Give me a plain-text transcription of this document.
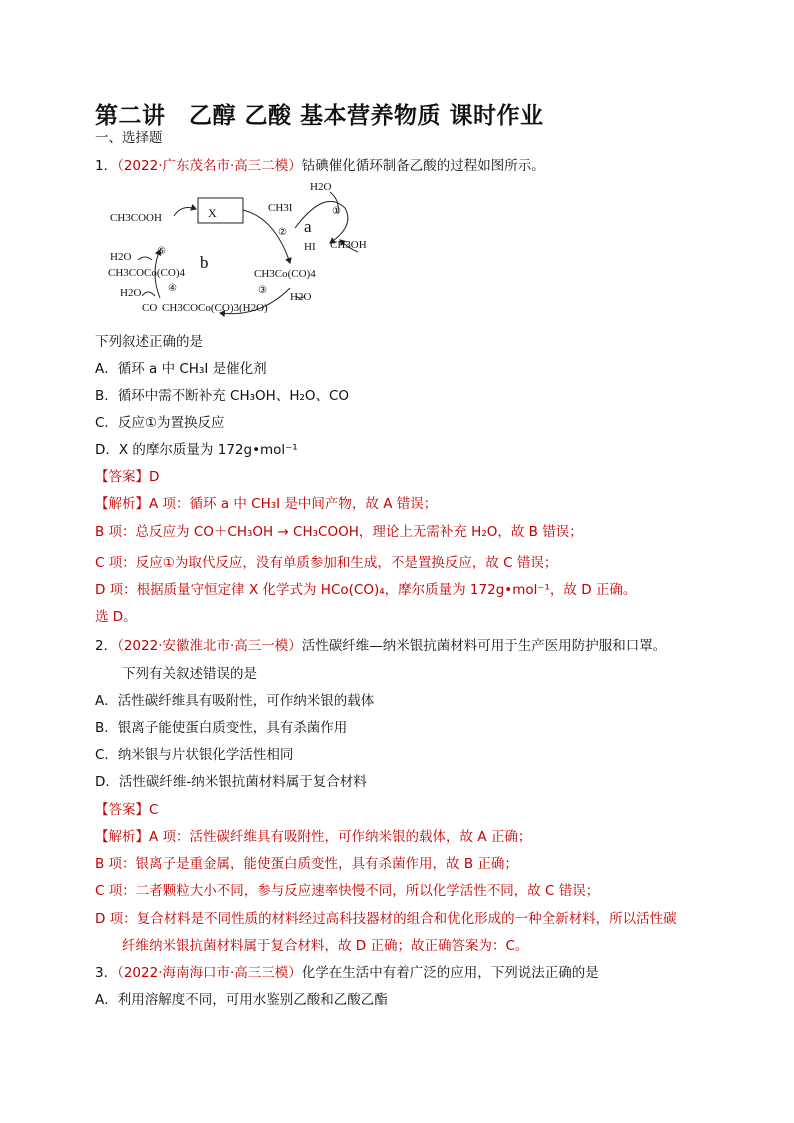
第二讲　乙醇 乙酸 基本营养物质 课时作业
一、选择题
1．（2022·广东茂名市·高三二模）钴碘催化循环制备乙酸的过程如图所示。
CH3COOH	X	CH3I
H2O
①
② a
HI CH3OH
H2O	⑤
CH3COCo(CO)4
b
CH3Co(CO)4
③
H2O
H2O	④
CO CH3COCo(CO)3(H2O)
下列叙述正确的是
A．循环 a 中 CH₃I 是催化剂
B．循环中需不断补充 CH₃OH、H₂O、CO
C．反应①为置换反应
D．X 的摩尔质量为 172g•mol⁻¹
【答案】D
【解析】A 项：循环 a 中 CH₃I 是中间产物，故 A 错误；
B 项：总反应为 CO＋CH₃OH → CH₃COOH，理论上无需补充 H₂O，故 B 错误；
C 项：反应①为取代反应，没有单质参加和生成，不是置换反应，故 C 错误；
D 项：根据质量守恒定律 X 化学式为 HCo(CO)₄，摩尔质量为 172g•mol⁻¹，故 D 正确。
选 D。
2．（2022·安徽淮北市·高三一模）活性碳纤维—纳米银抗菌材料可用于生产医用防护服和口罩。
下列有关叙述错误的是
A．活性碳纤维具有吸附性，可作纳米银的载体
B．银离子能使蛋白质变性，具有杀菌作用
C．纳米银与片状银化学活性相同
D．活性碳纤维-纳米银抗菌材料属于复合材料
【答案】C
【解析】A 项：活性碳纤维具有吸附性，可作纳米银的载体，故 A 正确；
B 项：银离子是重金属，能使蛋白质变性，具有杀菌作用，故 B 正确；
C 项：二者颗粒大小不同，参与反应速率快慢不同，所以化学活性不同，故 C 错误；
D 项：复合材料是不同性质的材料经过高科技器材的组合和优化形成的一种全新材料，所以活性碳
纤维纳米银抗菌材料属于复合材料，故 D 正确；故正确答案为：C。
3．（2022·海南海口市·高三三模）化学在生活中有着广泛的应用，下列说法正确的是
A．利用溶解度不同，可用水鉴别乙酸和乙酸乙酯
